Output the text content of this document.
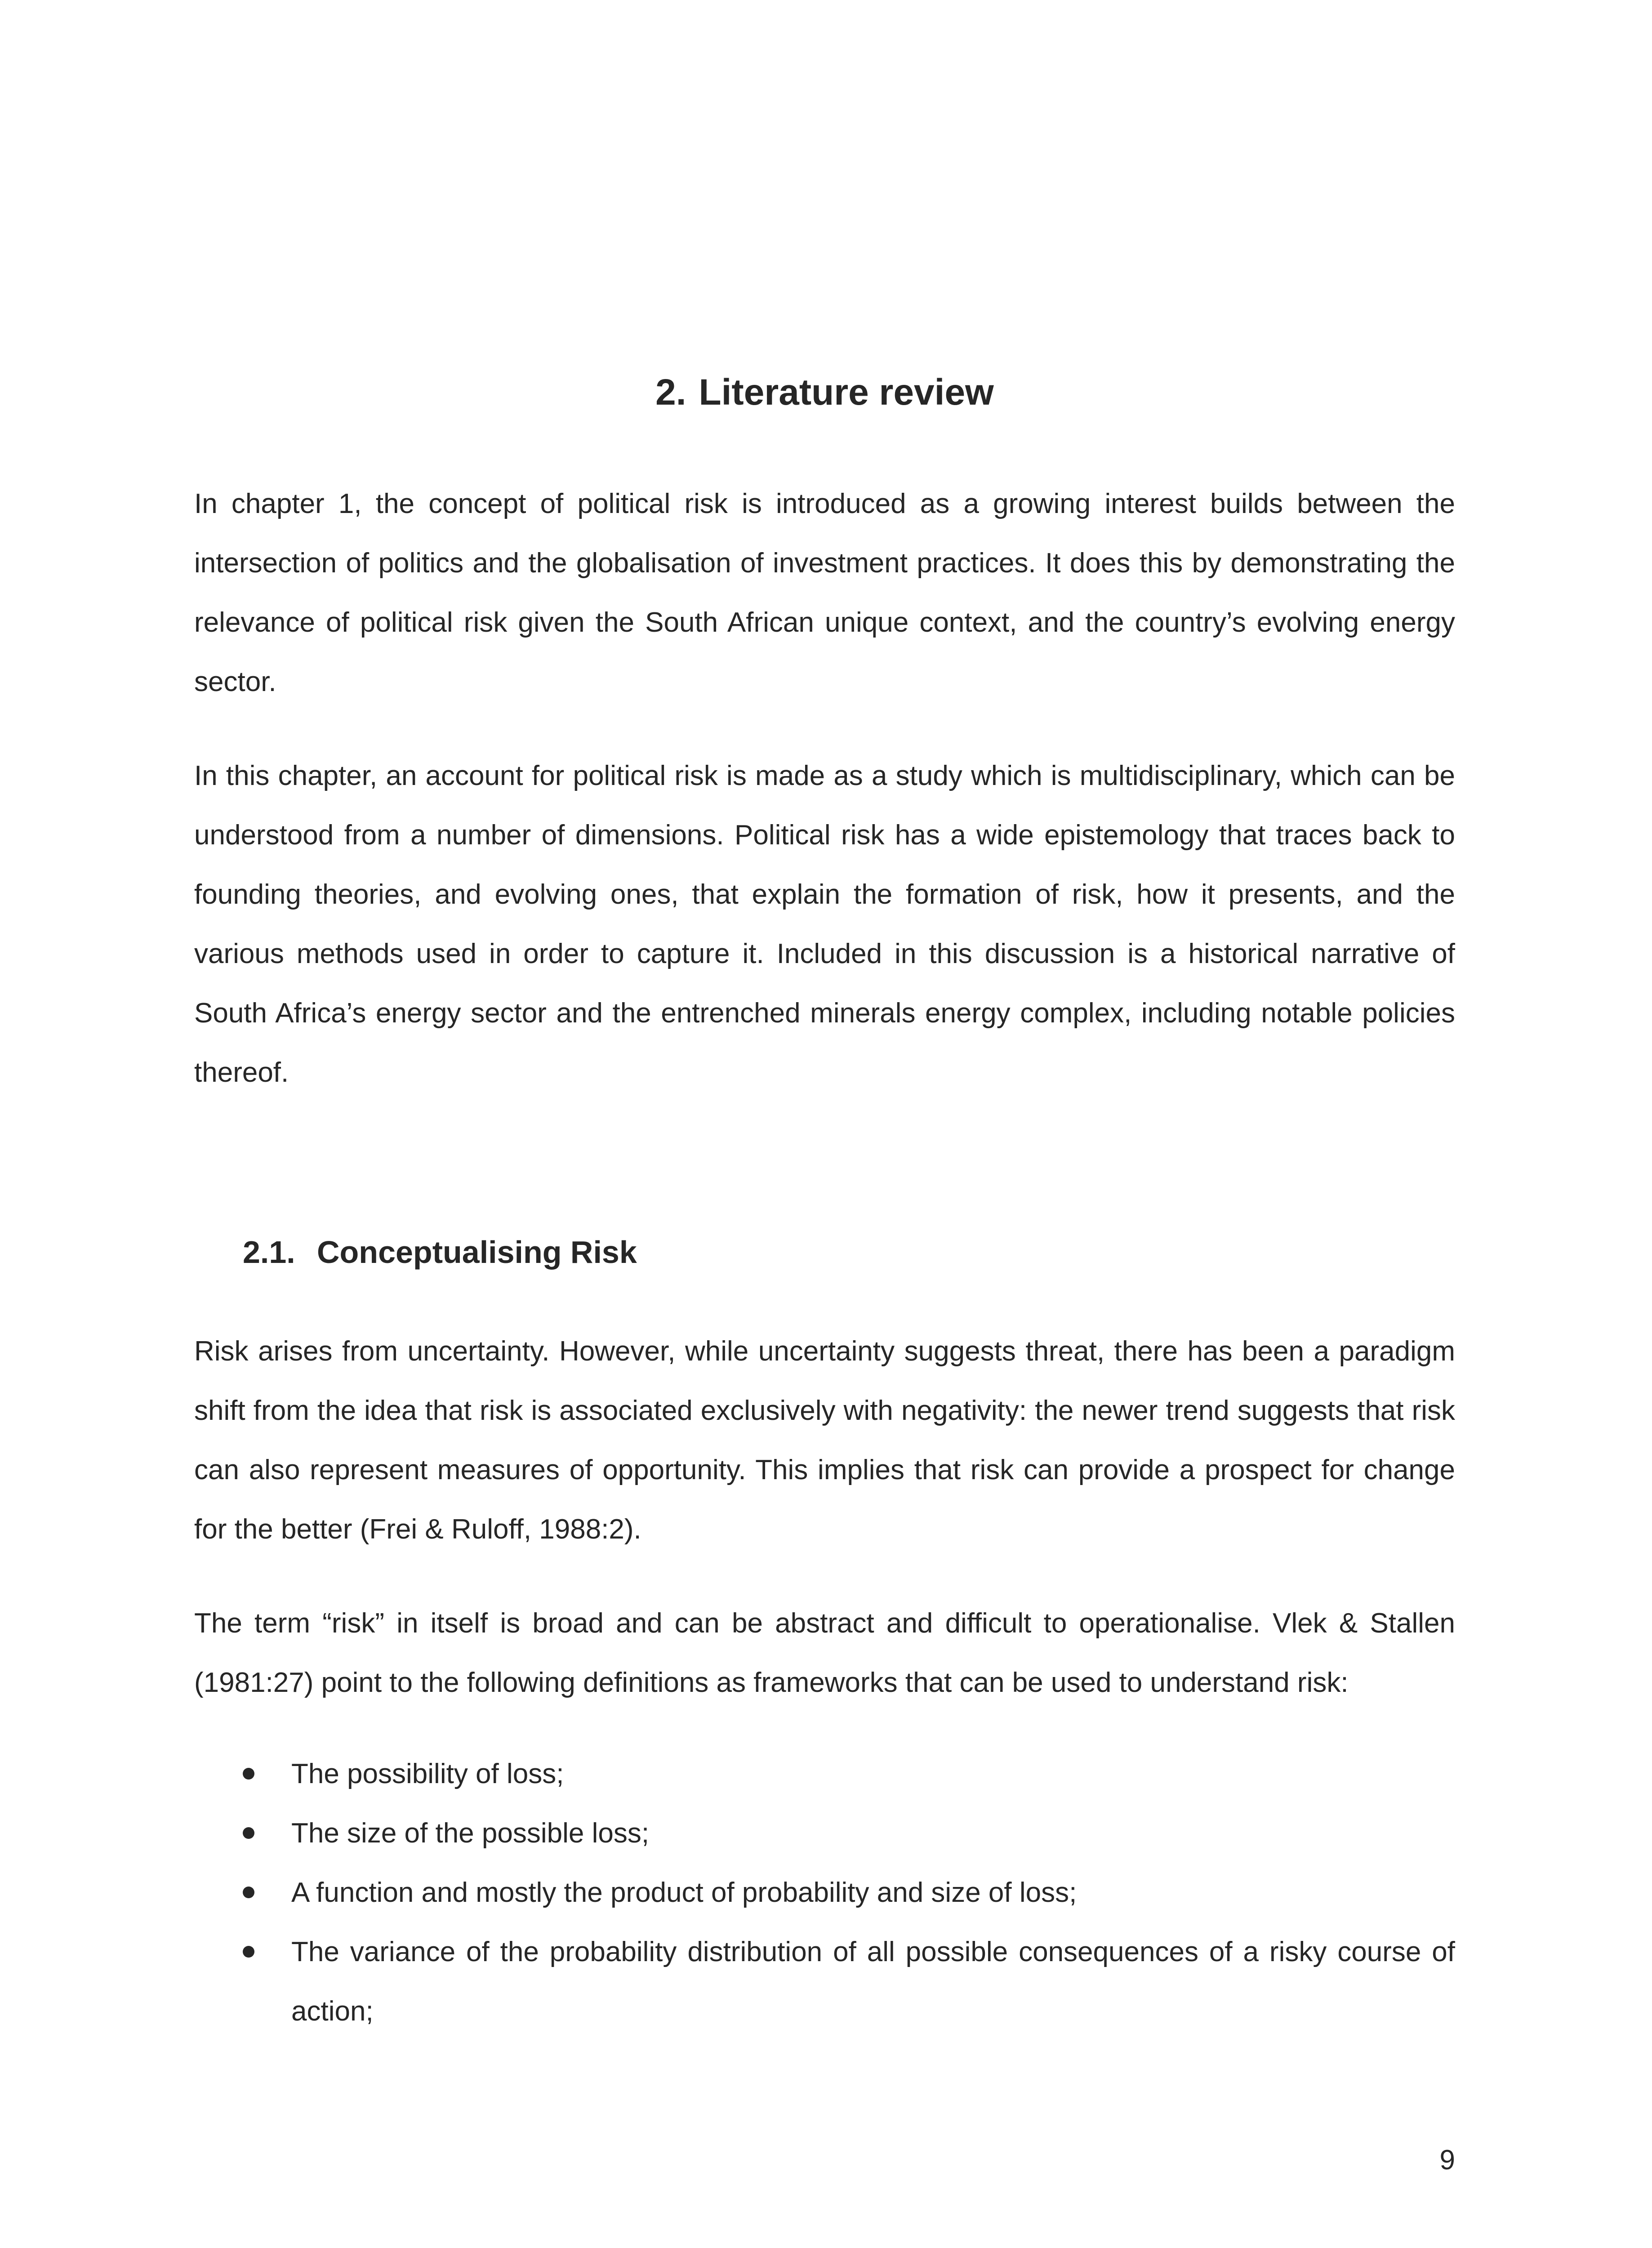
2. Literature review

In chapter 1, the concept of political risk is introduced as a growing interest builds between the intersection of politics and the globalisation of investment practices. It does this by demonstrating the relevance of political risk given the South African unique context, and the country’s evolving energy sector.

In this chapter, an account for political risk is made as a study which is multidisciplinary, which can be understood from a number of dimensions. Political risk has a wide epistemology that traces back to founding theories, and evolving ones, that explain the formation of risk, how it presents, and the various methods used in order to capture it. Included in this discussion is a historical narrative of South Africa’s energy sector and the entrenched minerals energy complex, including notable policies thereof.

2.1. Conceptualising Risk

Risk arises from uncertainty. However, while uncertainty suggests threat, there has been a paradigm shift from the idea that risk is associated exclusively with negativity: the newer trend suggests that risk can also represent measures of opportunity. This implies that risk can provide a prospect for change for the better (Frei & Ruloff, 1988:2).

The term “risk” in itself is broad and can be abstract and difficult to operationalise. Vlek & Stallen (1981:27) point to the following definitions as frameworks that can be used to understand risk:

The possibility of loss;
The size of the possible loss;
A function and mostly the product of probability and size of loss;
The variance of the probability distribution of all possible consequences of a risky course of action;

9
